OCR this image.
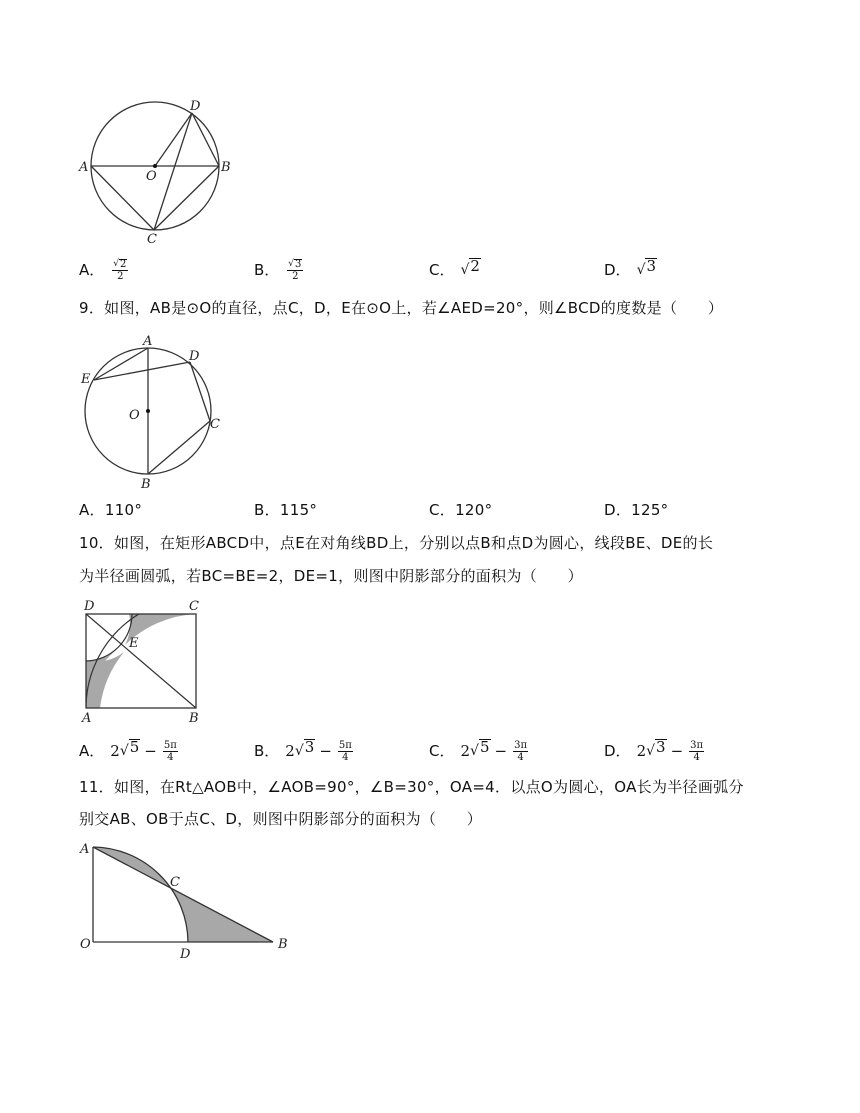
A	B
C
D
O
A． $\frac{√ 2}{2}$	B． $\frac{√ 3}{2}$	C． √ 2	D． √ 3
9．如图，AB是⊙O的直径，点C，D，E在⊙O上，若∠AED=20°，则∠BCD的度数是（　　）
A
B
C
D
E
O
A．110°	B．115°	C．120°	D．125°
10．如图，在矩形ABCD中，点E在对角线BD上，分别以点B和点D为圆心，线段BE、DE的长
为半径画圆弧，若BC=BE=2，DE=1，则图中阴影部分的面积为（　　）
A	B
C
D
E
A． 2 √ $5 - \frac{5\pi}{4}$	B． 2 √ $3 - \frac{5\pi}{4}$	C． 2 √ $5 - \frac{3\pi}{4}$	D． 2 √ $3 - \frac{3\pi}{4}$
11．如图，在Rt△AOB中，∠AOB=90°，∠B=30°，OA=4．以点O为圆心，OA长为半径画弧分
别交AB、OB于点C、D，则图中阴影部分的面积为（　　）
A
B
C
D
O
